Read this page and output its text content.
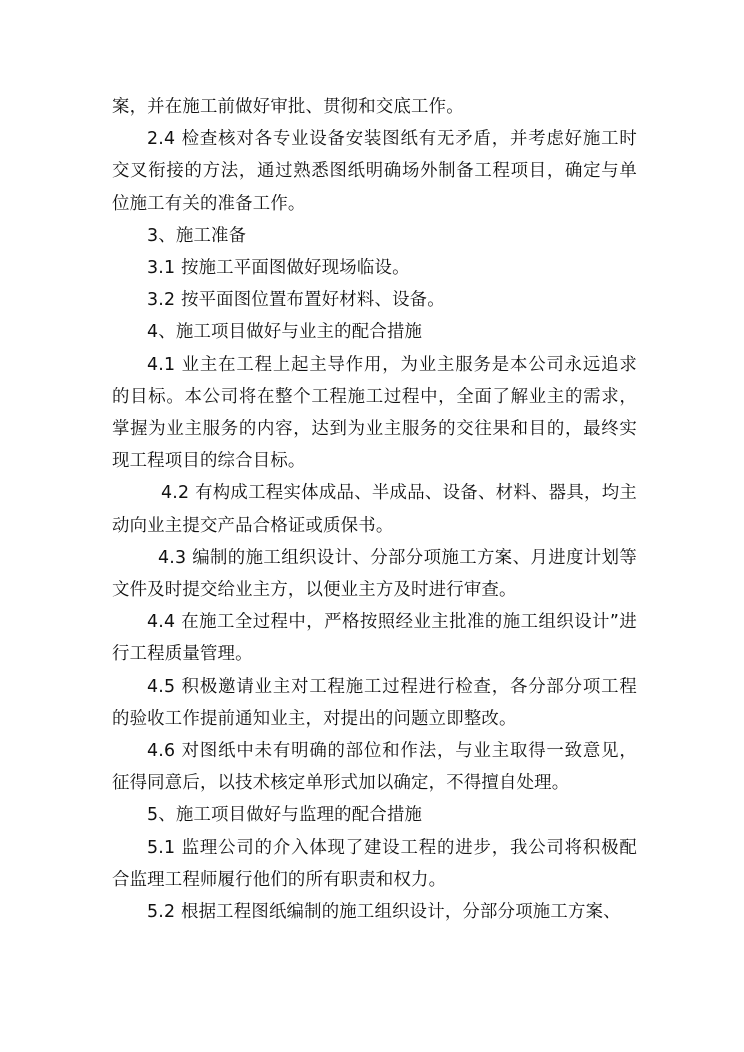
案，并在施工前做好审批、贯彻和交底工作。

2.4 检查核对各专业设备安装图纸有无矛盾，并考虑好施工时交叉衔接的方法，通过熟悉图纸明确场外制备工程项目，确定与单位施工有关的准备工作。

3、施工准备

3.1 按施工平面图做好现场临设。

3.2 按平面图位置布置好材料、设备。

4、施工项目做好与业主的配合措施

4.1 业主在工程上起主导作用，为业主服务是本公司永远追求的目标。本公司将在整个工程施工过程中，全面了解业主的需求，掌握为业主服务的内容，达到为业主服务的交往果和目的，最终实现工程项目的综合目标。

4.2 有构成工程实体成品、半成品、设备、材料、器具，均主动向业主提交产品合格证或质保书。

4.3 编制的施工组织设计、分部分项施工方案、月进度计划等文件及时提交给业主方，以便业主方及时进行审查。

4.4 在施工全过程中，严格按照经业主批准的施工组织设计”进行工程质量管理。

4.5 积极邀请业主对工程施工过程进行检查，各分部分项工程的验收工作提前通知业主，对提出的问题立即整改。

4.6 对图纸中未有明确的部位和作法，与业主取得一致意见，征得同意后，以技术核定单形式加以确定，不得擅自处理。

5、施工项目做好与监理的配合措施

5.1 监理公司的介入体现了建设工程的进步，我公司将积极配合监理工程师履行他们的所有职责和权力。

5.2 根据工程图纸编制的施工组织设计，分部分项施工方案、
